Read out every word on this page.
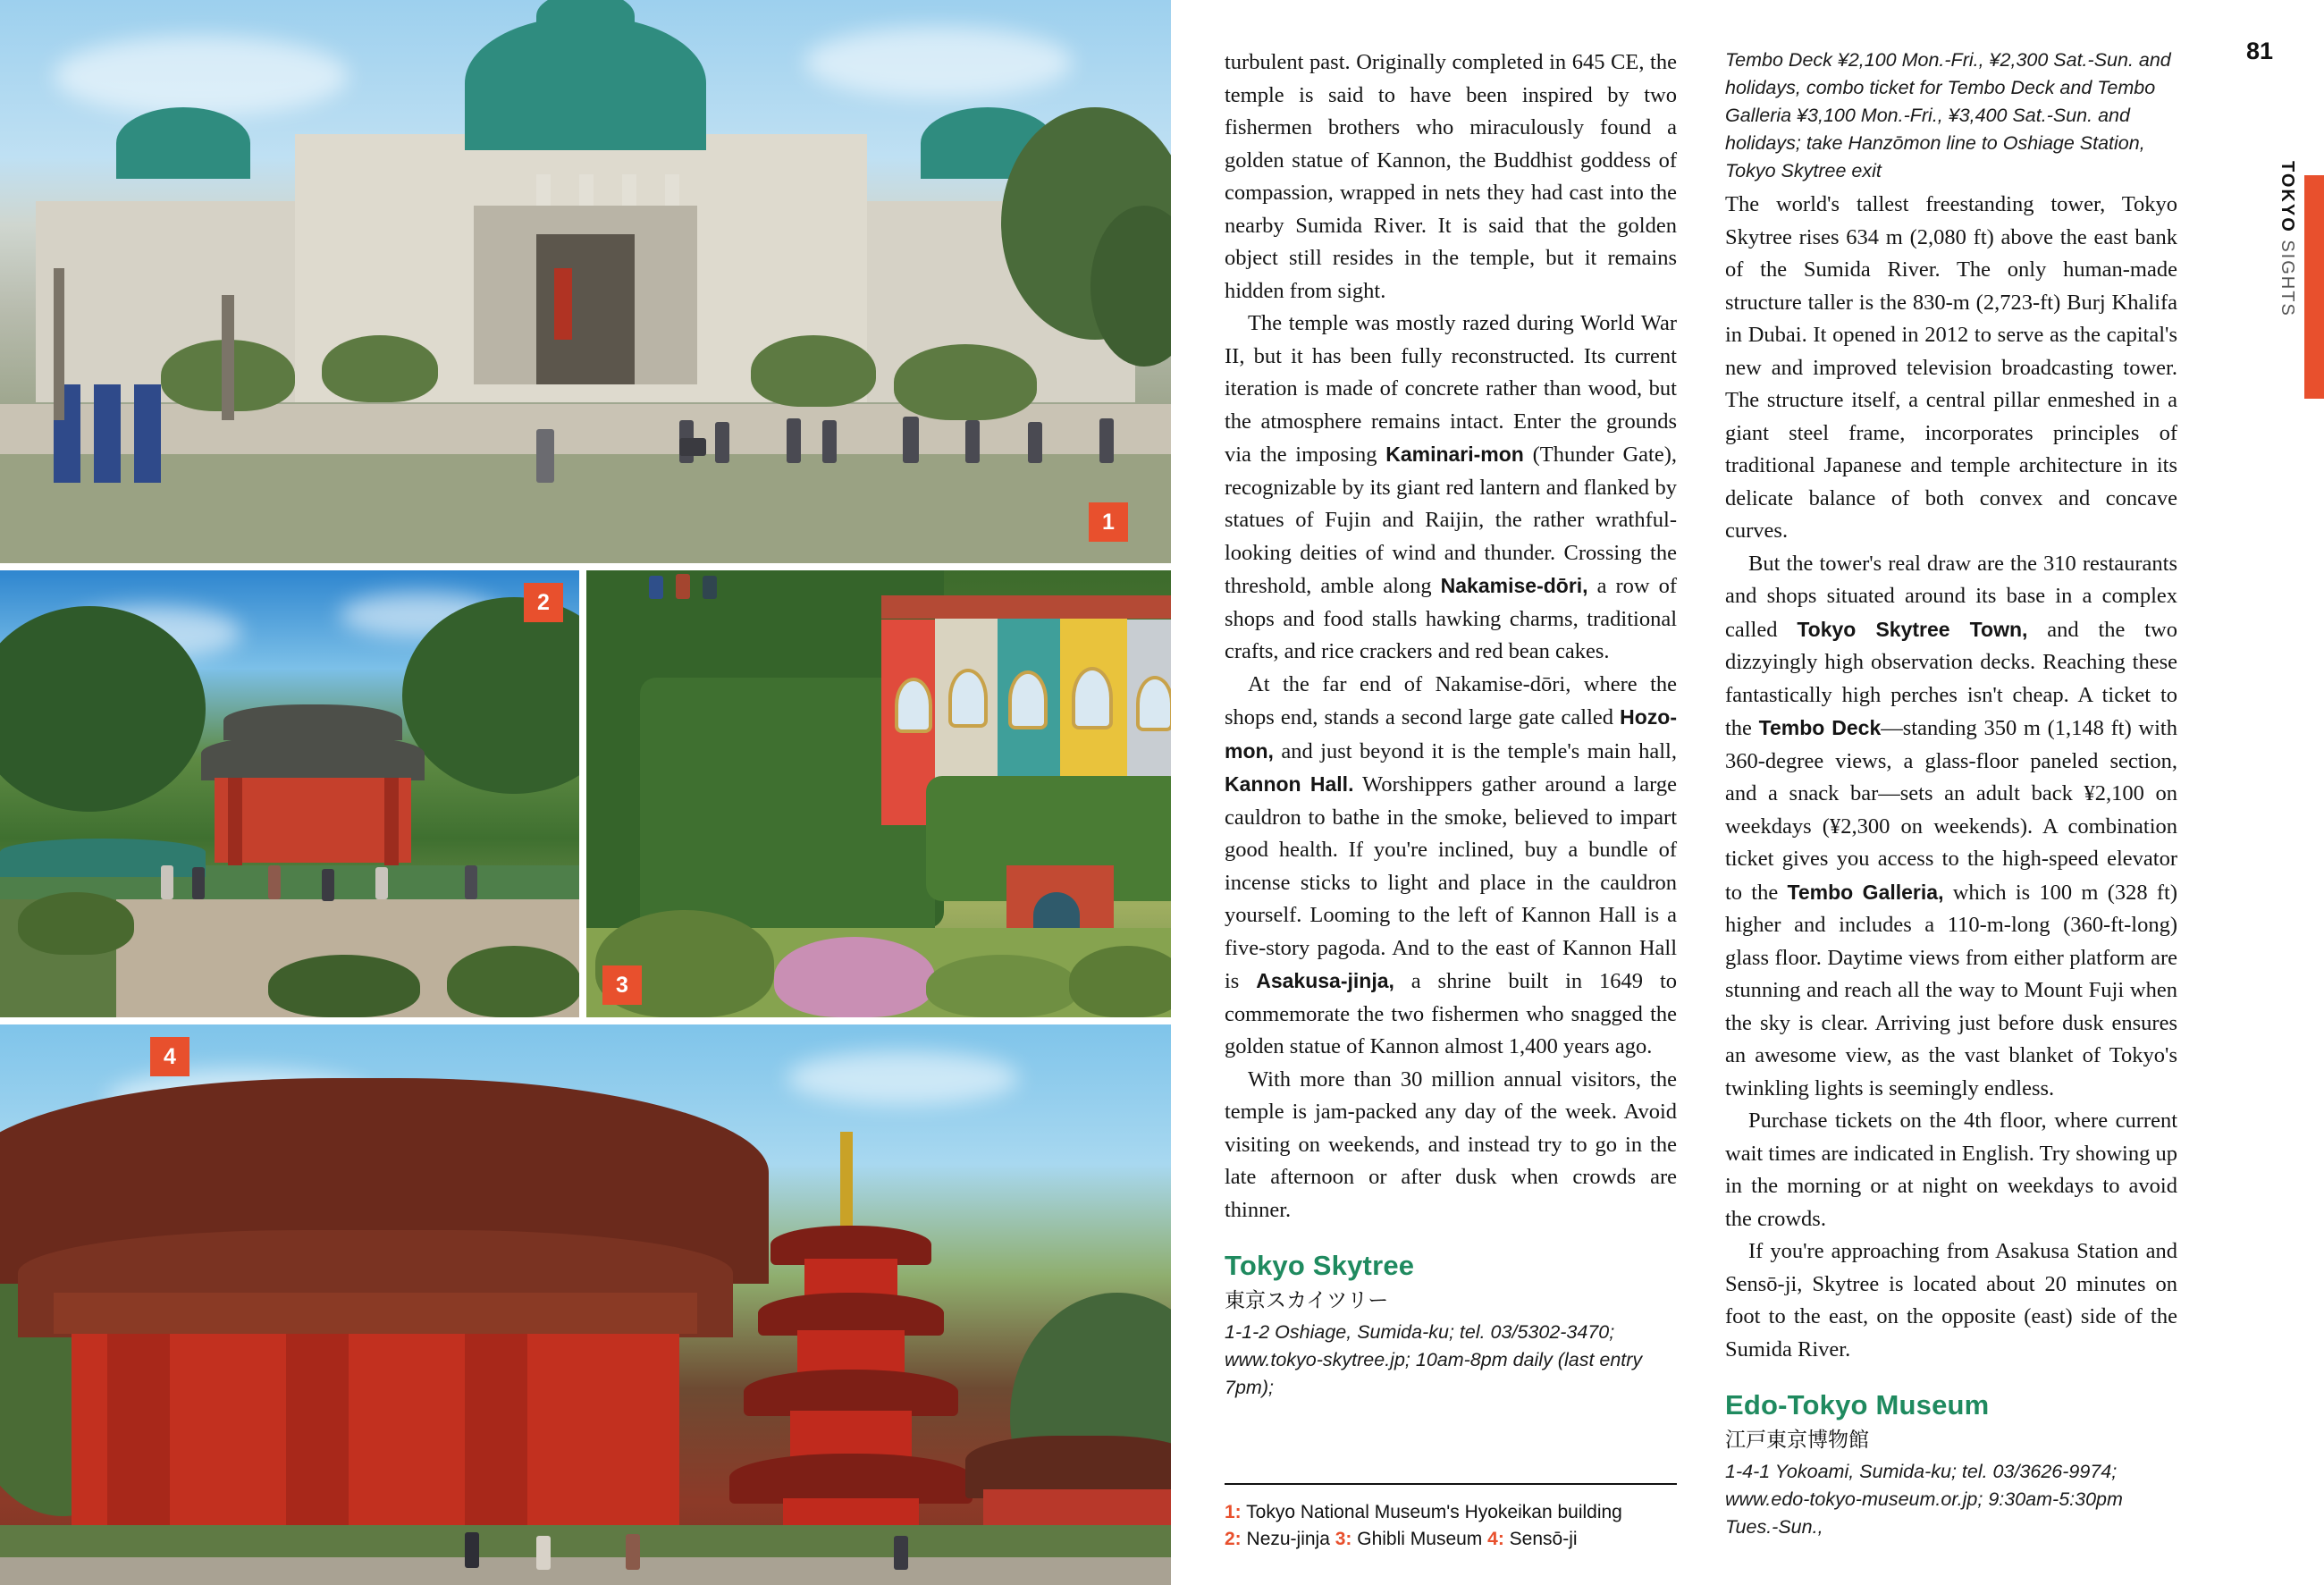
1
2
3
4
81
TOKYO SIGHTS

turbulent past. Originally completed in 645 CE, the temple is said to have been inspired by two fishermen brothers who miraculously found a golden statue of Kannon, the Buddhist goddess of compassion, wrapped in nets they had cast into the nearby Sumida River. It is said that the golden object still resides in the temple, but it remains hidden from sight.

The temple was mostly razed during World War II, but it has been fully reconstructed. Its current iteration is made of concrete rather than wood, but the atmosphere remains intact. Enter the grounds via the imposing Kaminari-mon (Thunder Gate), recognizable by its giant red lantern and flanked by statues of Fujin and Raijin, the rather wrathful-looking deities of wind and thunder. Crossing the threshold, amble along Nakamise-dōri, a row of shops and food stalls hawking charms, traditional crafts, and rice crackers and red bean cakes.

At the far end of Nakamise-dōri, where the shops end, stands a second large gate called Hozo-mon, and just beyond it is the temple's main hall, Kannon Hall. Worshippers gather around a large cauldron to bathe in the smoke, believed to impart good health. If you're inclined, buy a bundle of incense sticks to light and place in the cauldron yourself. Looming to the left of Kannon Hall is a five-story pagoda. And to the east of Kannon Hall is Asakusa-jinja, a shrine built in 1649 to commemorate the two fishermen who snagged the golden statue of Kannon almost 1,400 years ago.

With more than 30 million annual visitors, the temple is jam-packed any day of the week. Avoid visiting on weekends, and instead try to go in the late afternoon or after dusk when crowds are thinner.

Tokyo Skytree
東京スカイツリー

1-1-2 Oshiage, Sumida-ku; tel. 03/5302-3470; www.tokyo-skytree.jp; 10am-8pm daily (last entry 7pm);

Tembo Deck ¥2,100 Mon.-Fri., ¥2,300 Sat.-Sun. and holidays, combo ticket for Tembo Deck and Tembo Galleria ¥3,100 Mon.-Fri., ¥3,400 Sat.-Sun. and holidays; take Hanzōmon line to Oshiage Station, Tokyo Skytree exit

The world's tallest freestanding tower, Tokyo Skytree rises 634 m (2,080 ft) above the east bank of the Sumida River. The only human-made structure taller is the 830-m (2,723-ft) Burj Khalifa in Dubai. It opened in 2012 to serve as the capital's new and improved television broadcasting tower. The structure itself, a central pillar enmeshed in a giant steel frame, incorporates principles of traditional Japanese and temple architecture in its delicate balance of both convex and concave curves.

But the tower's real draw are the 310 restaurants and shops situated around its base in a complex called Tokyo Skytree Town, and the two dizzyingly high observation decks. Reaching these fantastically high perches isn't cheap. A ticket to the Tembo Deck—standing 350 m (1,148 ft) with 360-degree views, a glass-floor paneled section, and a snack bar—sets an adult back ¥2,100 on weekdays (¥2,300 on weekends). A combination ticket gives you access to the high-speed elevator to the Tembo Galleria, which is 100 m (328 ft) higher and includes a 110-m-long (360-ft-long) glass floor. Daytime views from either platform are stunning and reach all the way to Mount Fuji when the sky is clear. Arriving just before dusk ensures an awesome view, as the vast blanket of Tokyo's twinkling lights is seemingly endless.

Purchase tickets on the 4th floor, where current wait times are indicated in English. Try showing up in the morning or at night on weekdays to avoid the crowds.

If you're approaching from Asakusa Station and Sensō-ji, Skytree is located about 20 minutes on foot to the east, on the opposite (east) side of the Sumida River.

Edo-Tokyo Museum
江戸東京博物館

1-4-1 Yokoami, Sumida-ku; tel. 03/3626-9974; www.edo-tokyo-museum.or.jp; 9:30am-5:30pm Tues.-Sun.,

1: Tokyo National Museum's Hyokeikan building
2: Nezu-jinja 3: Ghibli Museum 4: Sensō-ji
